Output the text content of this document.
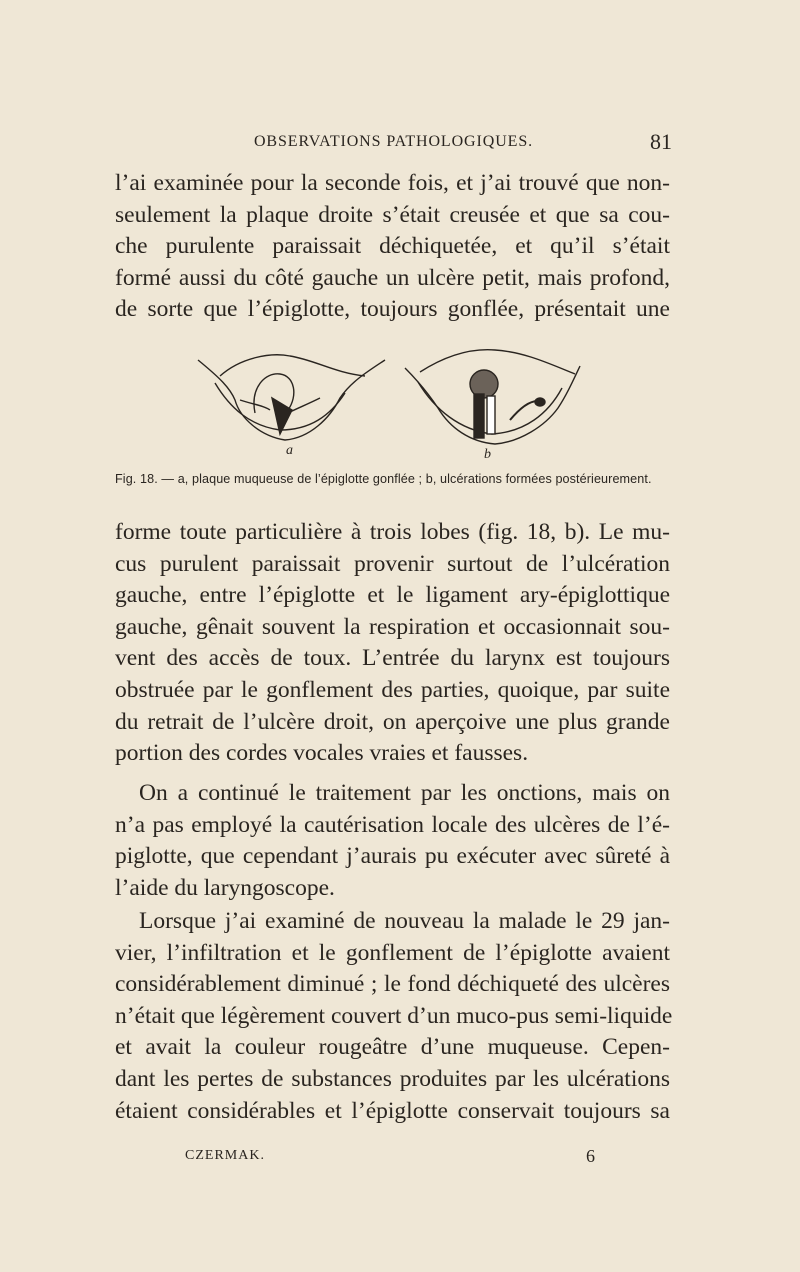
OBSERVATIONS PATHOLOGIQUES.	81

l’ai examinée pour la seconde fois, et j’ai trouvé que non-
seulement la plaque droite s’était creusée et que sa cou-
che purulente paraissait déchiquetée, et qu’il s’était
formé aussi du côté gauche un ulcère petit, mais profond,
de sorte que l’épiglotte, toujours gonflée, présentait une

a	b
Fig. 18. — a, plaque muqueuse de l’épiglotte gonflée ; b, ulcérations formées postérieurement.

forme toute particulière à trois lobes (fig. 18, b). Le mu-
cus purulent paraissait provenir surtout de l’ulcération
gauche, entre l’épiglotte et le ligament ary-épiglottique
gauche, gênait souvent la respiration et occasionnait sou-
vent des accès de toux. L’entrée du larynx est toujours
obstruée par le gonflement des parties, quoique, par suite
du retrait de l’ulcère droit, on aperçoive une plus grande
portion des cordes vocales vraies et fausses.

On a continué le traitement par les onctions, mais on
n’a pas employé la cautérisation locale des ulcères de l’é-
piglotte, que cependant j’aurais pu exécuter avec sûreté à
l’aide du laryngoscope.

Lorsque j’ai examiné de nouveau la malade le 29 jan-
vier, l’infiltration et le gonflement de l’épiglotte avaient
considérablement diminué ; le fond déchiqueté des ulcères
n’était que légèrement couvert d’un muco-pus semi-liquide
et avait la couleur rougeâtre d’une muqueuse. Cepen-
dant les pertes de substances produites par les ulcérations
étaient considérables et l’épiglotte conservait toujours sa

CZERMAK.	6
